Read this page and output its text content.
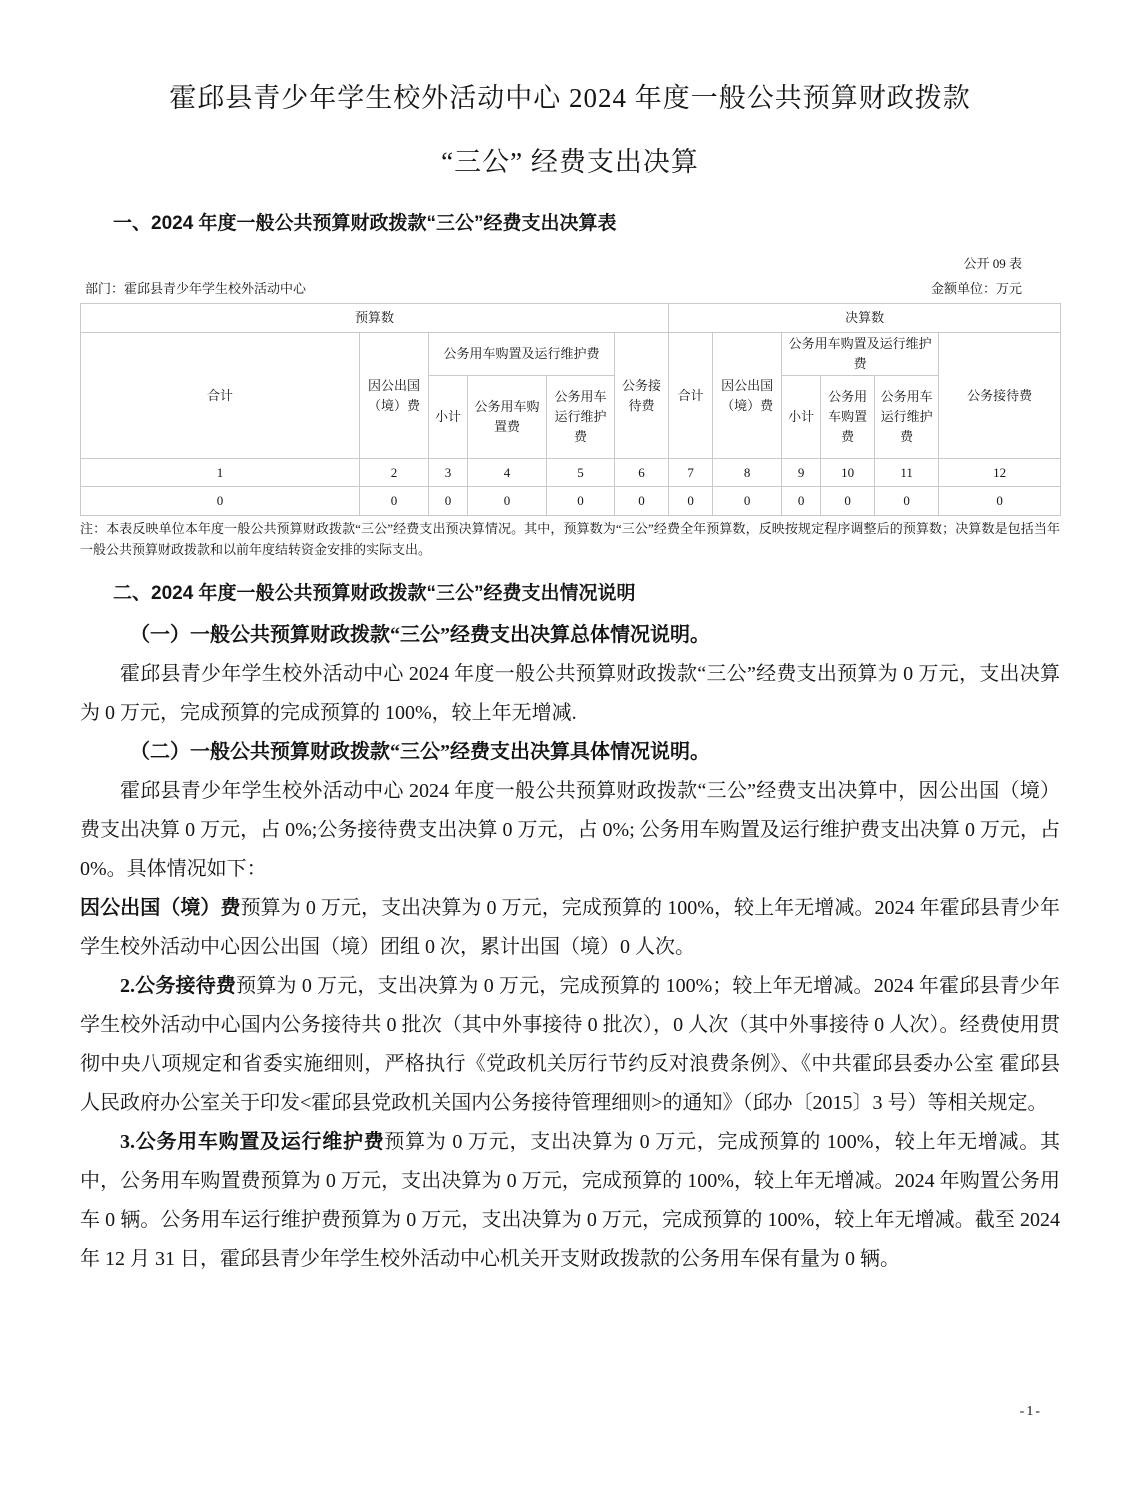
霍邱县青少年学生校外活动中心 2024 年度一般公共预算财政拨款
“三公” 经费支出决算
一、2024 年度一般公共预算财政拨款“三公”经费支出决算表
公开 09 表
部门：霍邱县青少年学生校外活动中心	金额单位：万元
预算数						决算数					
合计	因公出国（境）费	公务用车购置及运行维护费			公务接待费	合计	因公出国（境）费	公务用车购置及运行维护费			公务接待费
		小计	公务用车购置费	公务用车运行维护费				小计	公务用车购置费	公务用车运行维护费	
1	2	3	4	5	6	7	8	9	10	11	12
0	0	0	0	0	0	0	0	0	0	0	0

注：本表反映单位本年度一般公共预算财政拨款“三公”经费支出预决算情况。其中，预算数为“三公”经费全年预算数，反映按规定程序调整后的预算数；决算数是包括当年一般公共预算财政拨款和以前年度结转资金安排的实际支出。

二、2024 年度一般公共预算财政拨款“三公”经费支出情况说明

（一）一般公共预算财政拨款“三公”经费支出决算总体情况说明。

霍邱县青少年学生校外活动中心 2024 年度一般公共预算财政拨款“三公”经费支出预算为 0 万元，支出决算为 0 万元，完成预算的完成预算的 100%，较上年无增减.

（二）一般公共预算财政拨款“三公”经费支出决算具体情况说明。

霍邱县青少年学生校外活动中心 2024 年度一般公共预算财政拨款“三公”经费支出决算中，因公出国（境）费支出决算 0 万元，占 0%;公务接待费支出决算 0 万元，占 0%; 公务用车购置及运行维护费支出决算 0 万元，占 0%。具体情况如下：

因公出国（境）费预算为 0 万元，支出决算为 0 万元，完成预算的 100%，较上年无增减。2024 年霍邱县青少年学生校外活动中心因公出国（境）团组 0 次，累计出国（境）0 人次。

2.公务接待费预算为 0 万元，支出决算为 0 万元，完成预算的 100%；较上年无增减。2024 年霍邱县青少年学生校外活动中心国内公务接待共 0 批次（其中外事接待 0 批次），0 人次（其中外事接待 0 人次）。经费使用贯彻中央八项规定和省委实施细则，严格执行《党政机关厉行节约反对浪费条例》、《中共霍邱县委办公室 霍邱县人民政府办公室关于印发<霍邱县党政机关国内公务接待管理细则>的通知》（邱办〔2015〕3 号）等相关规定。

3.公务用车购置及运行维护费预算为 0 万元，支出决算为 0 万元，完成预算的 100%，较上年无增减。其中，公务用车购置费预算为 0 万元，支出决算为 0 万元，完成预算的 100%，较上年无增减。2024 年购置公务用车 0 辆。公务用车运行维护费预算为 0 万元，支出决算为 0 万元，完成预算的 100%，较上年无增减。截至 2024 年 12 月 31 日，霍邱县青少年学生校外活动中心机关开支财政拨款的公务用车保有量为 0 辆。

-1-
